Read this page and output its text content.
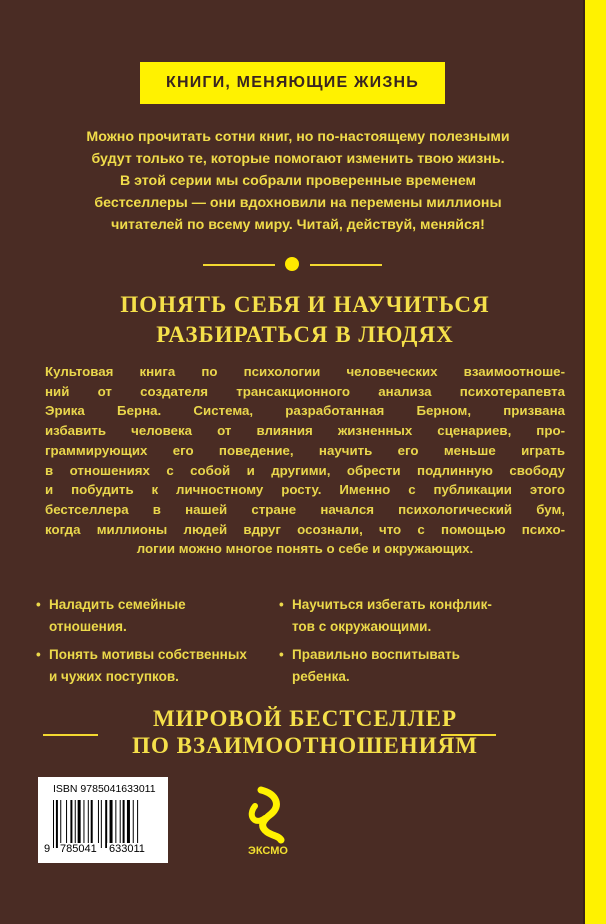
КНИГИ, МЕНЯЮЩИЕ ЖИЗНЬ
Можно прочитать сотни книг, но по-настоящему полезными
будут только те, которые помогают изменить твою жизнь.
В этой серии мы собрали проверенные временем
бестселлеры — они вдохновили на перемены миллионы
читателей по всему миру. Читай, действуй, меняйся!
ПОНЯТЬ СЕБЯ И НАУЧИТЬСЯ
РАЗБИРАТЬСЯ В ЛЮДЯХ
Культовая книга по психологии человеческих взаимоотноше-
ний от создателя трансакционного анализа психотерапевта
Эрика Берна. Система, разработанная Берном, призвана
избавить человека от влияния жизненных сценариев, про-
граммирующих его поведение, научить его меньше играть
в отношениях с собой и другими, обрести подлинную свободу
и побудить к личностному росту. Именно с публикации этого
бестселлера в нашей стране начался психологический бум,
когда миллионы людей вдруг осознали, что с помощью психо-
логии можно многое понять о себе и окружающих.
• Наладить семейные
отношения.
• Научиться избегать конфлик-
тов с окружающими.
• Понять мотивы собственных
и чужих поступков.
• Правильно воспитывать
ребенка.
МИРОВОЙ БЕСТСЕЛЛЕР
ПО ВЗАИМООТНОШЕНИЯМ
ISBN 9785041633011
9 785041 633011	ЭКСМО
